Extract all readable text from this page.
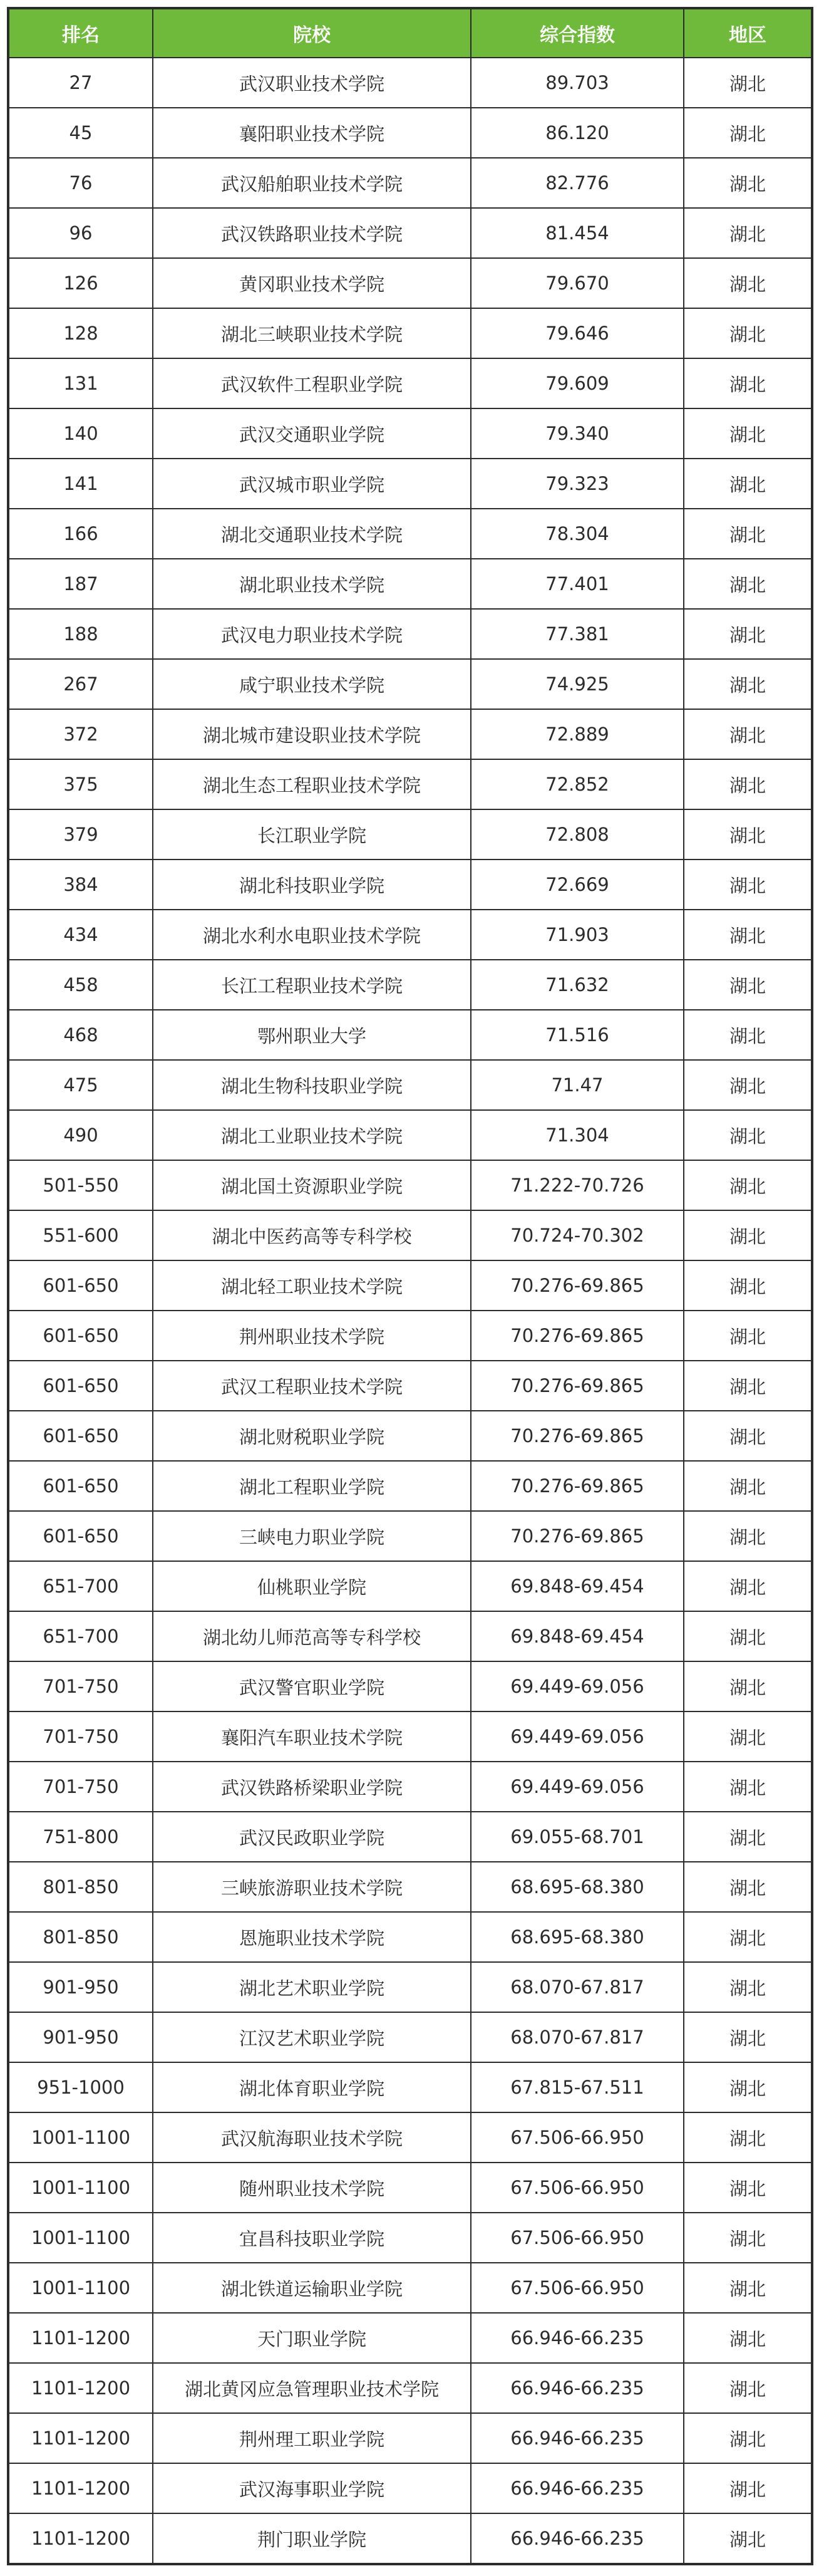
排名	院校	综合指数	地区
27	武汉职业技术学院	89.703	湖北
45	襄阳职业技术学院	86.120	湖北
76	武汉船舶职业技术学院	82.776	湖北
96	武汉铁路职业技术学院	81.454	湖北
126	黄冈职业技术学院	79.670	湖北
128	湖北三峡职业技术学院	79.646	湖北
131	武汉软件工程职业学院	79.609	湖北
140	武汉交通职业学院	79.340	湖北
141	武汉城市职业学院	79.323	湖北
166	湖北交通职业技术学院	78.304	湖北
187	湖北职业技术学院	77.401	湖北
188	武汉电力职业技术学院	77.381	湖北
267	咸宁职业技术学院	74.925	湖北
372	湖北城市建设职业技术学院	72.889	湖北
375	湖北生态工程职业技术学院	72.852	湖北
379	长江职业学院	72.808	湖北
384	湖北科技职业学院	72.669	湖北
434	湖北水利水电职业技术学院	71.903	湖北
458	长江工程职业技术学院	71.632	湖北
468	鄂州职业大学	71.516	湖北
475	湖北生物科技职业学院	71.47	湖北
490	湖北工业职业技术学院	71.304	湖北
501-550	湖北国土资源职业学院	71.222-70.726	湖北
551-600	湖北中医药高等专科学校	70.724-70.302	湖北
601-650	湖北轻工职业技术学院	70.276-69.865	湖北
601-650	荆州职业技术学院	70.276-69.865	湖北
601-650	武汉工程职业技术学院	70.276-69.865	湖北
601-650	湖北财税职业学院	70.276-69.865	湖北
601-650	湖北工程职业学院	70.276-69.865	湖北
601-650	三峡电力职业学院	70.276-69.865	湖北
651-700	仙桃职业学院	69.848-69.454	湖北
651-700	湖北幼儿师范高等专科学校	69.848-69.454	湖北
701-750	武汉警官职业学院	69.449-69.056	湖北
701-750	襄阳汽车职业技术学院	69.449-69.056	湖北
701-750	武汉铁路桥梁职业学院	69.449-69.056	湖北
751-800	武汉民政职业学院	69.055-68.701	湖北
801-850	三峡旅游职业技术学院	68.695-68.380	湖北
801-850	恩施职业技术学院	68.695-68.380	湖北
901-950	湖北艺术职业学院	68.070-67.817	湖北
901-950	江汉艺术职业学院	68.070-67.817	湖北
951-1000	湖北体育职业学院	67.815-67.511	湖北
1001-1100	武汉航海职业技术学院	67.506-66.950	湖北
1001-1100	随州职业技术学院	67.506-66.950	湖北
1001-1100	宜昌科技职业学院	67.506-66.950	湖北
1001-1100	湖北铁道运输职业学院	67.506-66.950	湖北
1101-1200	天门职业学院	66.946-66.235	湖北
1101-1200	湖北黄冈应急管理职业技术学院	66.946-66.235	湖北
1101-1200	荆州理工职业学院	66.946-66.235	湖北
1101-1200	武汉海事职业学院	66.946-66.235	湖北
1101-1200	荆门职业学院	66.946-66.235	湖北
